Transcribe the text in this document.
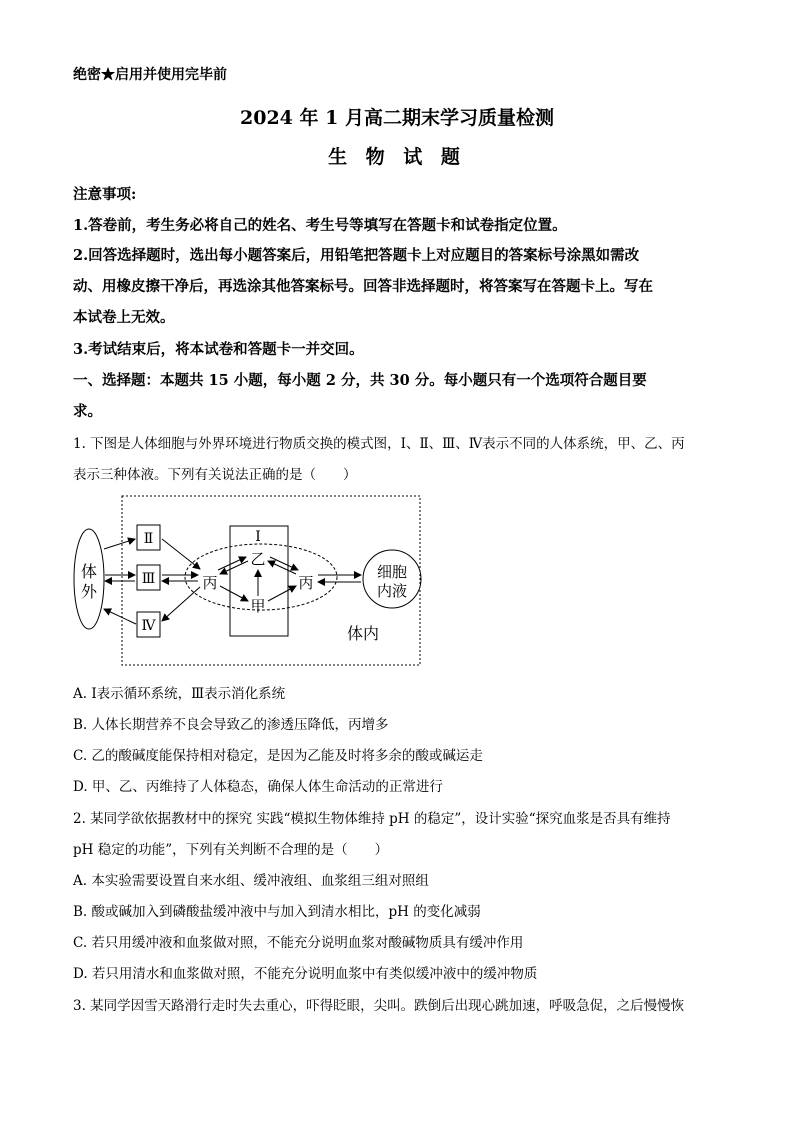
绝密★启用并使用完毕前
2024 年 1 月高二期末学习质量检测
生 物 试 题
注意事项:
1.答卷前，考生务必将自己的姓名、考生号等填写在答题卡和试卷指定位置。
2.回答选择题时，选出每小题答案后，用铅笔把答题卡上对应题目的答案标号涂黑如需改
动、用橡皮擦干净后，再选涂其他答案标号。回答非选择题时，将答案写在答题卡上。写在
本试卷上无效。
3.考试结束后，将本试卷和答题卡一并交回。
一、选择题：本题共 15 小题，每小题 2 分，共 30 分。每小题只有一个选项符合题目要
求。
1. 下图是人体细胞与外界环境进行物质交换的模式图，Ⅰ、Ⅱ、Ⅲ、Ⅳ表示不同的人体系统，甲、乙、丙
表示三种体液。下列有关说法正确的是（　　）
体
外
Ⅱ
Ⅲ
Ⅳ
Ⅰ
乙
甲
丙	丙
细胞
内液
体内
A. Ⅰ表示循环系统，Ⅲ表示消化系统
B. 人体长期营养不良会导致乙的渗透压降低，丙增多
C. 乙的酸碱度能保持相对稳定，是因为乙能及时将多余的酸或碱运走
D. 甲、乙、丙维持了人体稳态，确保人体生命活动的正常进行
2. 某同学欲依据教材中的探究 实践“模拟生物体维持 pH 的稳定”，设计实验“探究血浆是否具有维持
pH 稳定的功能”，下列有关判断不合理的是（　　）
A. 本实验需要设置自来水组、缓冲液组、血浆组三组对照组
B. 酸或碱加入到磷酸盐缓冲液中与加入到清水相比，pH 的变化减弱
C. 若只用缓冲液和血浆做对照，不能充分说明血浆对酸碱物质具有缓冲作用
D. 若只用清水和血浆做对照，不能充分说明血浆中有类似缓冲液中的缓冲物质
3. 某同学因雪天路滑行走时失去重心，吓得眨眼，尖叫。跌倒后出现心跳加速，呼吸急促，之后慢慢恢
